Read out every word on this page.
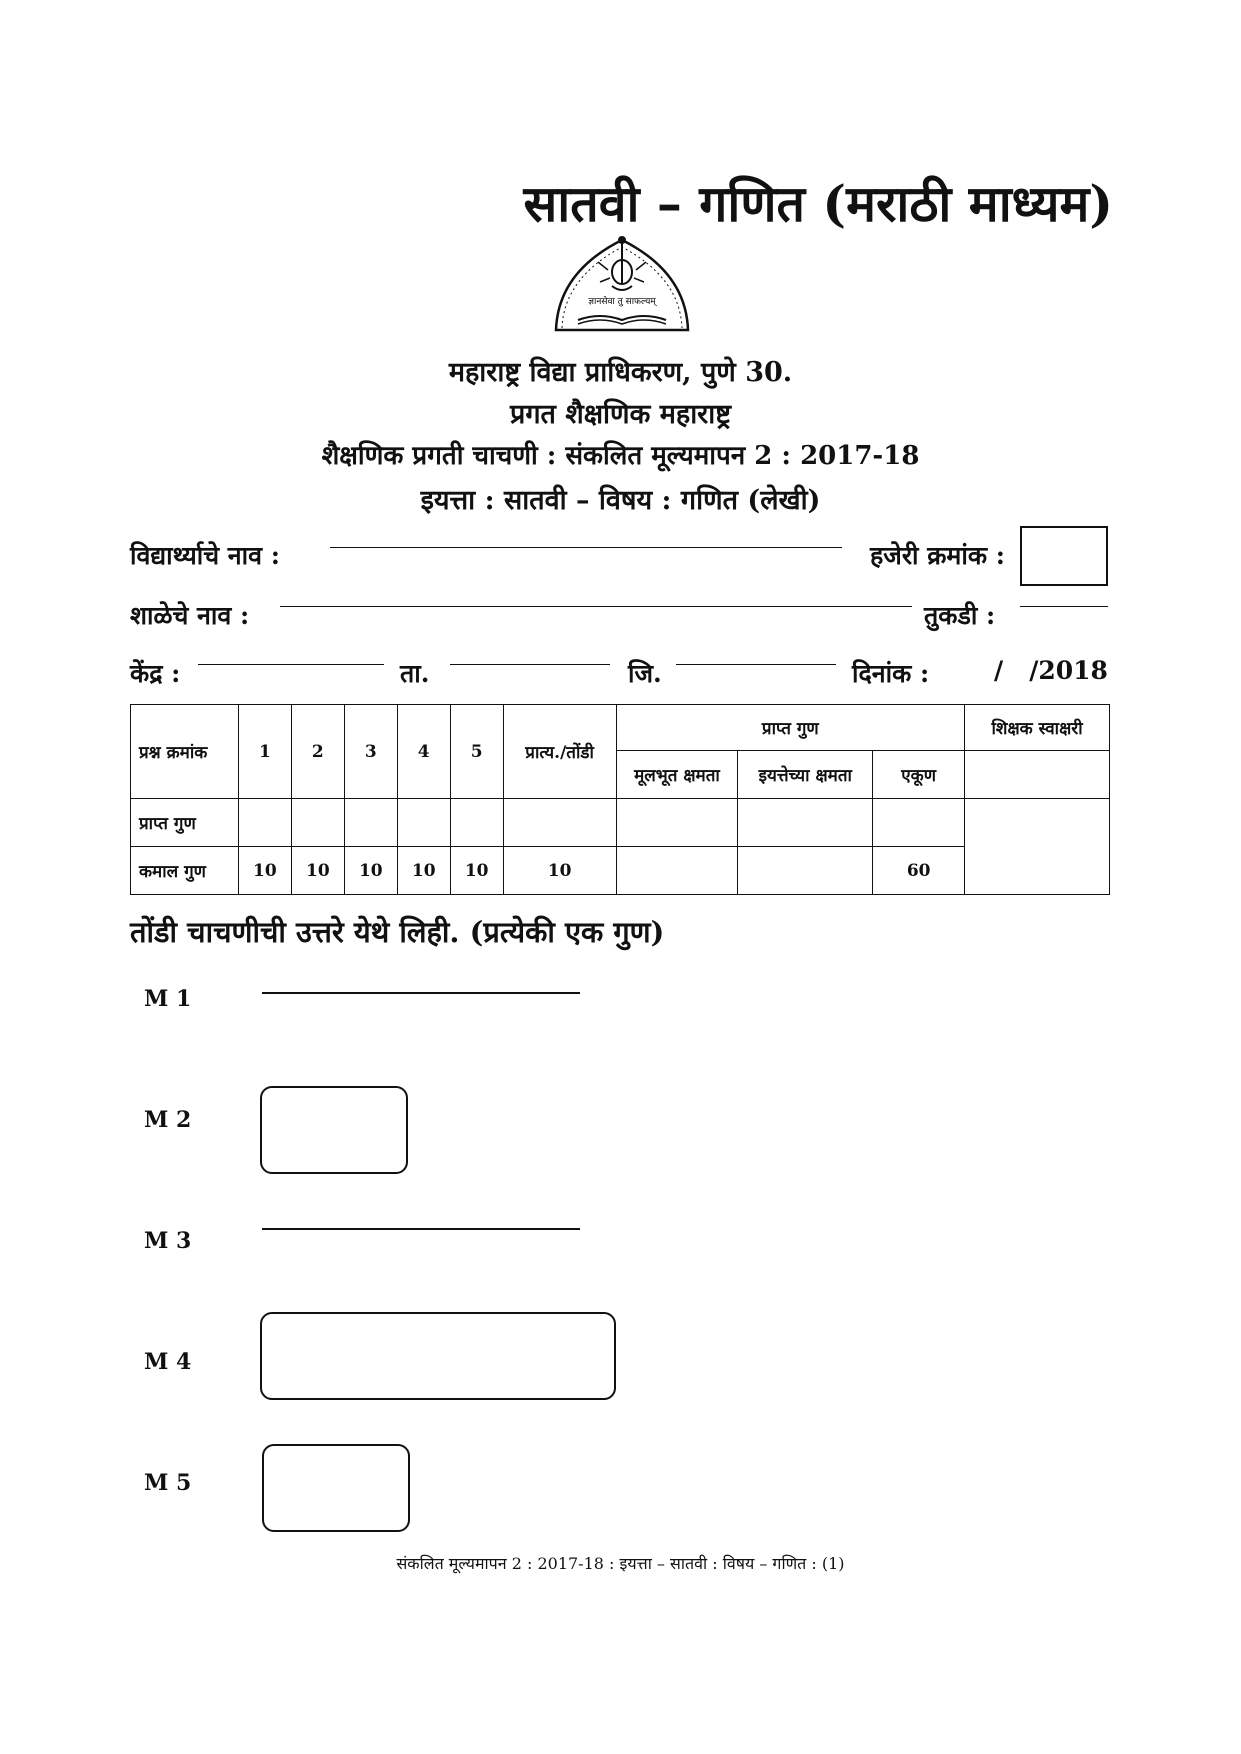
सातवी – गणित (मराठी माध्यम)
ज्ञानसेवा तु साफल्यम्
महाराष्ट्र विद्या प्राधिकरण, पुणे 30.
प्रगत शैक्षणिक महाराष्ट्र
शैक्षणिक प्रगती चाचणी : संकलित मूल्यमापन 2 : 2017-18
इयत्ता : सातवी – विषय : गणित (लेखी)
विद्यार्थ्याचे नाव :	हजेरी क्रमांक :
शाळेचे नाव :	तुकडी :
केंद्र :	ता.	जि.	दिनांक :	/   /2018
प्रश्न क्रमांक	1	2	3	4	5	प्रात्य./तोंडी	प्राप्त गुण			शिक्षक स्वाक्षरी
							मूलभूत क्षमता	इयत्तेच्या क्षमता	एकूण	
प्राप्त गुण										
कमाल गुण	10	10	10	10	10	10			60	
तोंडी चाचणीची उत्तरे येथे लिही. (प्रत्येकी एक गुण)
M 1
M 2
M 3
M 4
M 5
संकलित मूल्यमापन 2 : 2017-18 : इयत्ता – सातवी : विषय – गणित : (1)
